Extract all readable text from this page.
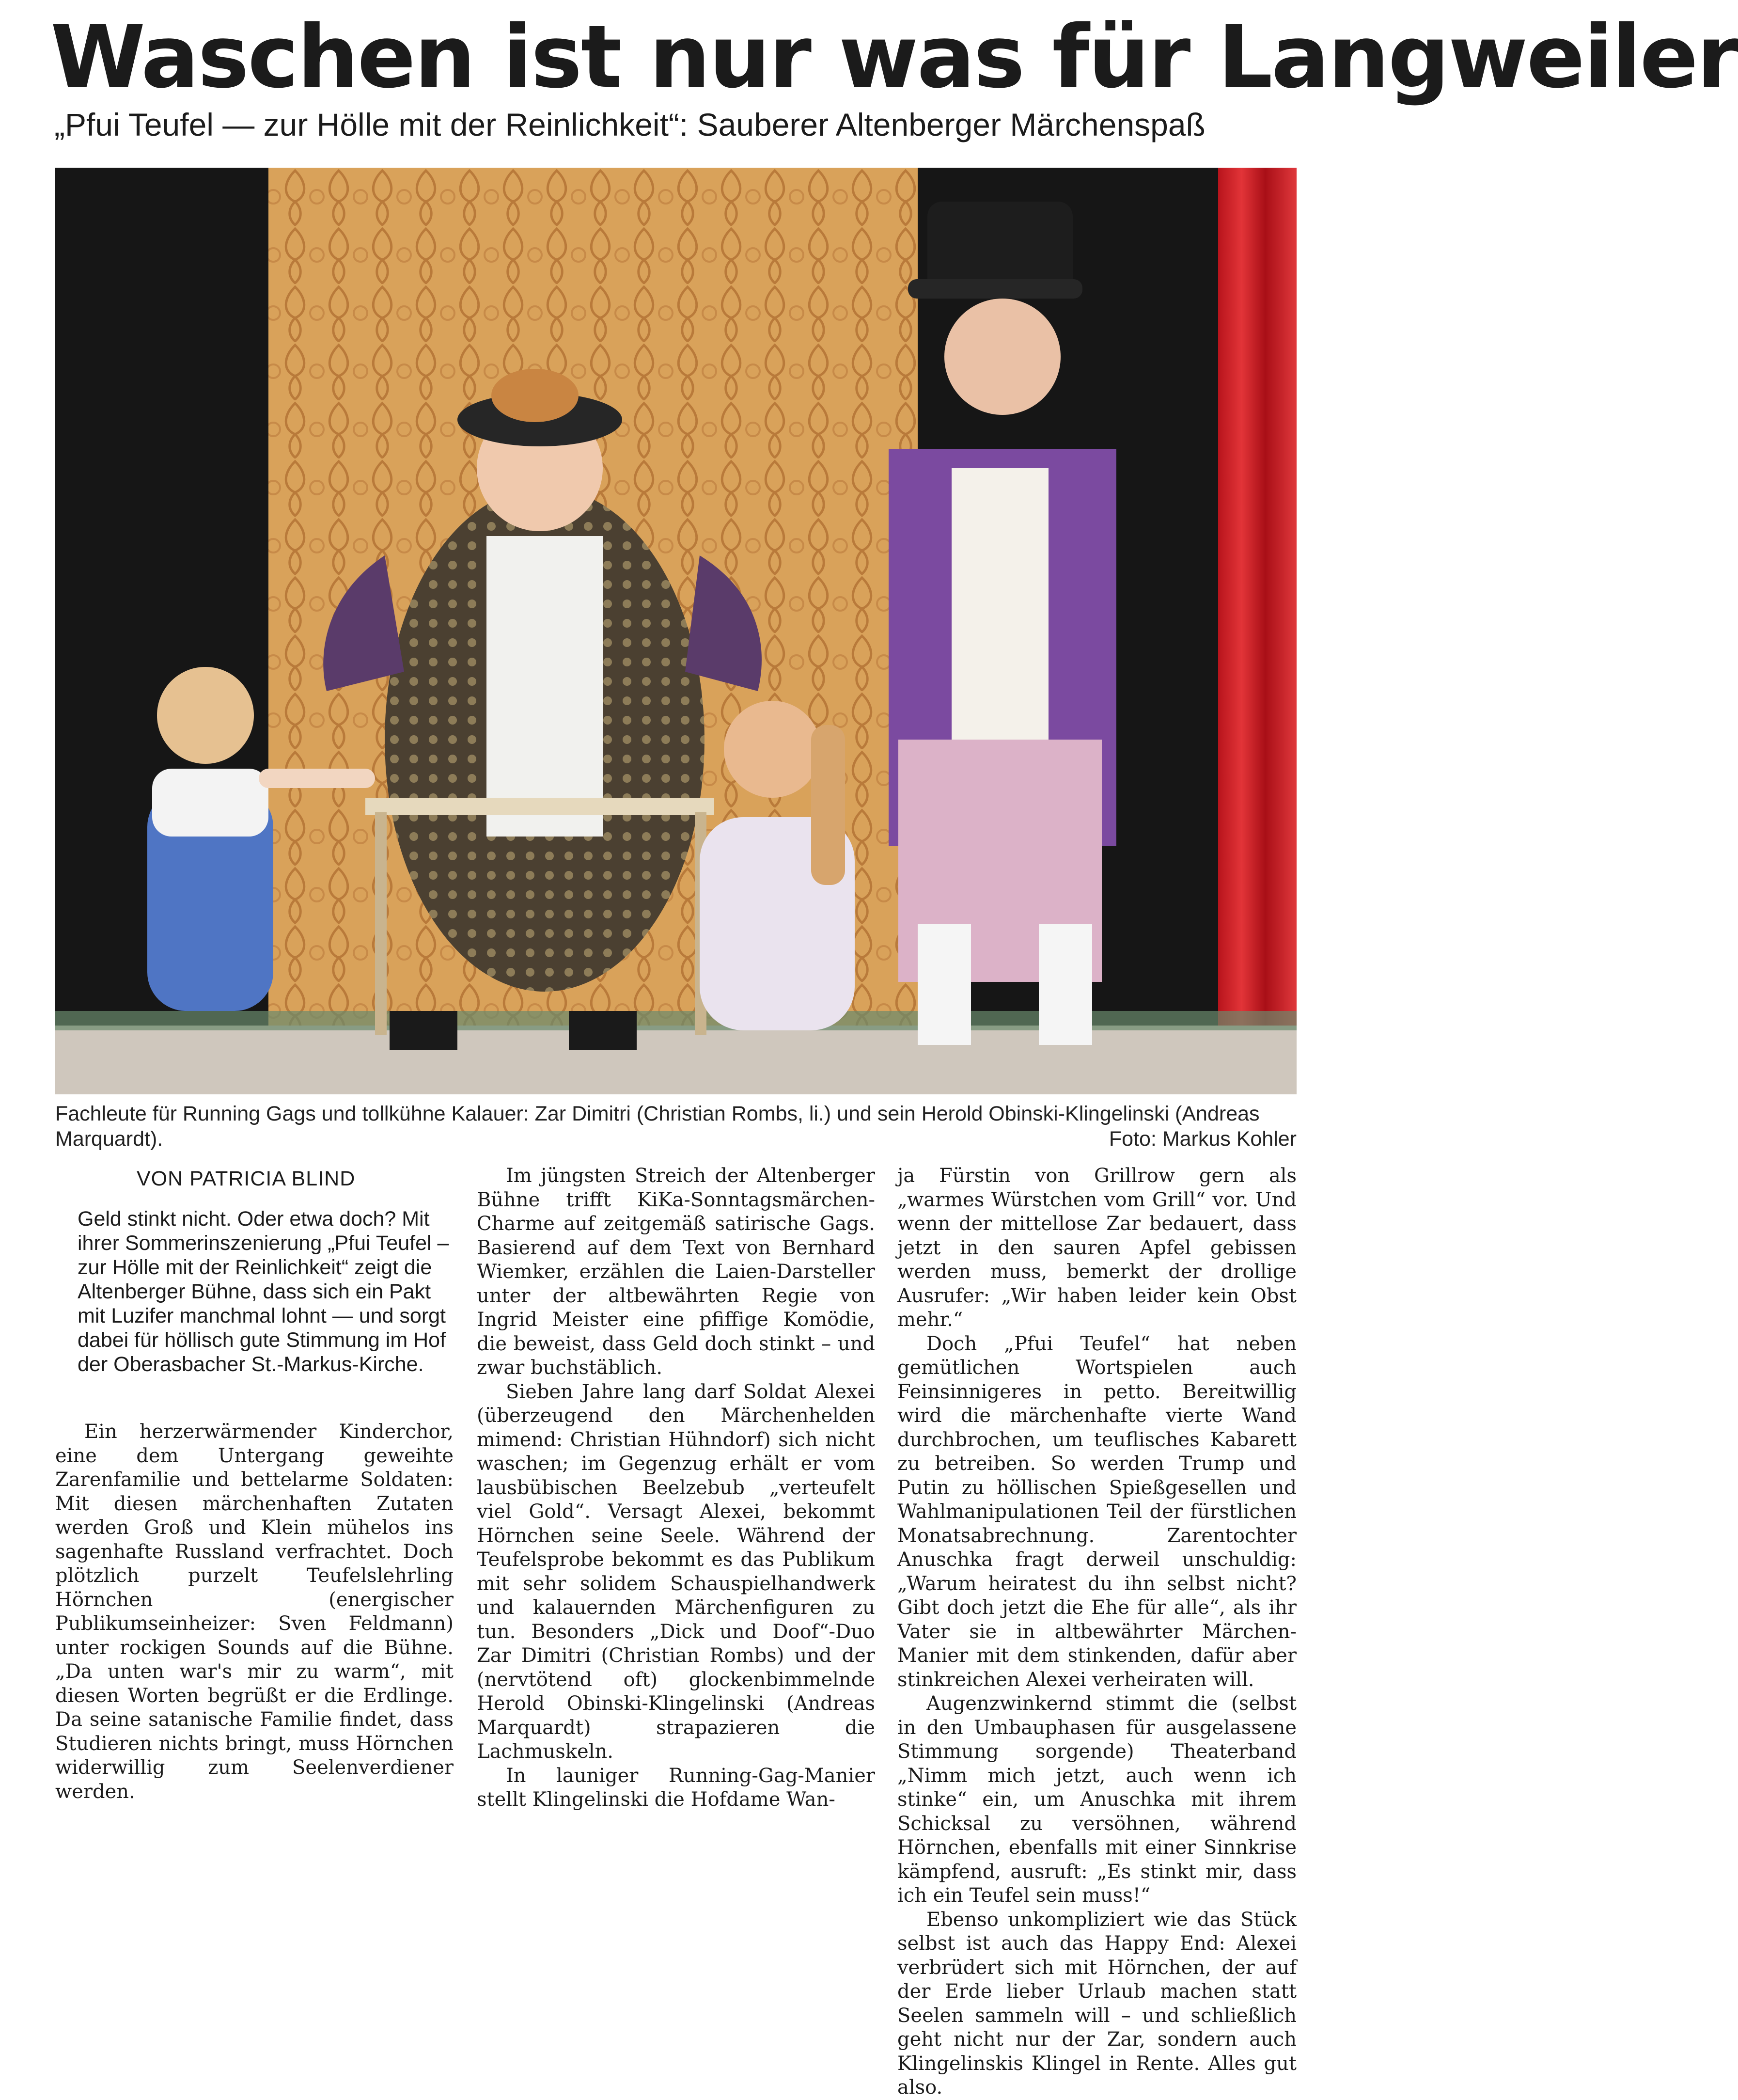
Waschen ist nur was für Langweiler
„Pfui Teufel — zur Hölle mit der Reinlichkeit“: Sauberer Altenberger Märchenspaß
Fachleute für Running Gags und tollkühne Kalauer: Zar Dimitri (Christian Rombs, li.) und sein Herold Obinski-Klingelinski (Andreas Marquardt).	Foto: Markus Kohler
VON PATRICIA BLIND
Geld stinkt nicht. Oder etwa doch? Mit ihrer Sommerinszenierung „Pfui Teufel – zur Hölle mit der Reinlichkeit“ zeigt die Altenberger Bühne, dass sich ein Pakt mit Luzifer manchmal lohnt — und sorgt dabei für höllisch gute Stimmung im Hof der Oberasbacher St.-Markus-Kirche.

Ein herzerwärmender Kinderchor, eine dem Untergang geweihte Zarenfamilie und bettelarme Soldaten: Mit diesen märchenhaften Zutaten werden Groß und Klein mühelos ins sagenhafte Russland verfrachtet. Doch plötzlich purzelt Teufelslehrling Hörnchen (energischer Publikumseinheizer: Sven Feldmann) unter rockigen Sounds auf die Bühne. „Da unten war's mir zu warm“, mit diesen Worten begrüßt er die Erdlinge. Da seine satanische Familie findet, dass Studieren nichts bringt, muss Hörnchen widerwillig zum Seelenverdiener werden.

Im jüngsten Streich der Altenberger Bühne trifft KiKa-Sonntagsmärchen-Charme auf zeitgemäß satirische Gags. Basierend auf dem Text von Bernhard Wiemker, erzählen die Laien-Darsteller unter der altbewährten Regie von Ingrid Meister eine pfiffige Komödie, die beweist, dass Geld doch stinkt – und zwar buchstäblich.

Sieben Jahre lang darf Soldat Alexei (überzeugend den Märchenhelden mimend: Christian Hühndorf) sich nicht waschen; im Gegenzug erhält er vom lausbübischen Beelzebub „verteufelt viel Gold“. Versagt Alexei, bekommt Hörnchen seine Seele. Während der Teufelsprobe bekommt es das Publikum mit sehr solidem Schauspielhandwerk und kalauernden Märchenfiguren zu tun. Besonders „Dick und Doof“-Duo Zar Dimitri (Christian Rombs) und der (nervtötend oft) glockenbimmelnde Herold Obinski-Klingelinski (Andreas Marquardt) strapazieren die Lachmuskeln.

In launiger Running-Gag-Manier stellt Klingelinski die Hofdame Wan-

ja Fürstin von Grillrow gern als „warmes Würstchen vom Grill“ vor. Und wenn der mittellose Zar bedauert, dass jetzt in den sauren Apfel gebissen werden muss, bemerkt der drollige Ausrufer: „Wir haben leider kein Obst mehr.“

Doch „Pfui Teufel“ hat neben gemütlichen Wortspielen auch Feinsinnigeres in petto. Bereitwillig wird die märchenhafte vierte Wand durchbrochen, um teuflisches Kabarett zu betreiben. So werden Trump und Putin zu höllischen Spießgesellen und Wahlmanipulationen Teil der fürstlichen Monatsabrechnung. Zarentochter Anuschka fragt derweil unschuldig: „Warum heiratest du ihn selbst nicht? Gibt doch jetzt die Ehe für alle“, als ihr Vater sie in altbewährter Märchen-Manier mit dem stinkenden, dafür aber stinkreichen Alexei verheiraten will.

Augenzwinkernd stimmt die (selbst in den Umbauphasen für ausgelassene Stimmung sorgende) Theaterband „Nimm mich jetzt, auch wenn ich stinke“ ein, um Anuschka mit ihrem Schicksal zu versöhnen, während Hörnchen, ebenfalls mit einer Sinnkrise kämpfend, ausruft: „Es stinkt mir, dass ich ein Teufel sein muss!“

Ebenso unkompliziert wie das Stück selbst ist auch das Happy End: Alexei verbrüdert sich mit Hörnchen, der auf der Erde lieber Urlaub machen statt Seelen sammeln will – und schließlich geht nicht nur der Zar, sondern auch Klingelinskis Klingel in Rente. Alles gut also.
